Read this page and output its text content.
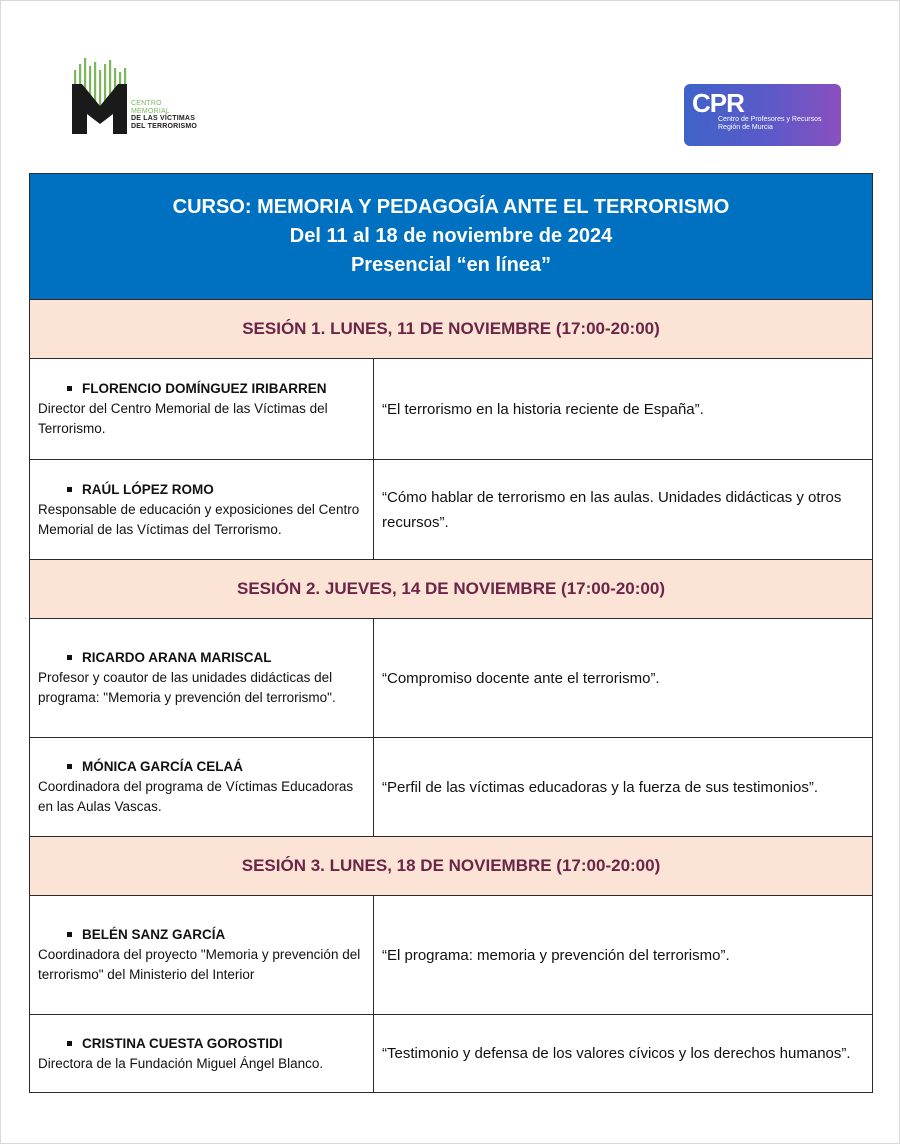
CENTRO
MEMORIAL
DE LAS VÍCTIMAS
DEL TERRORISMO
CPR
Centro de Profesores y Recursos
Región de Murcia
CURSO: MEMORIA Y PEDAGOGÍA ANTE EL TERRORISMO
Del 11 al 18 de noviembre de 2024
Presencial “en línea”	

SESIÓN 1. LUNES, 11 DE NOVIEMBRE (17:00-20:00)	

FLORENCIO DOMÍNGUEZ IRIBARREN
Director del Centro Memorial de las Víctimas del Terrorismo.	“El terrorismo en la historia reciente de España”.

RAÚL LÓPEZ ROMO
Responsable de educación y exposiciones del Centro Memorial de las Víctimas del Terrorismo.	“Cómo hablar de terrorismo en las aulas. Unidades didácticas y otros recursos”.
SESIÓN 2. JUEVES, 14 DE NOVIEMBRE (17:00-20:00)	

RICARDO ARANA MARISCAL
Profesor y coautor de las unidades didácticas del programa: "Memoria y prevención del terrorismo".	“Compromiso docente ante el terrorismo”.

MÓNICA GARCÍA CELAÁ
Coordinadora del programa de Víctimas Educadoras en las Aulas Vascas.	“Perfil de las víctimas educadoras y la fuerza de sus testimonios”.
SESIÓN 3. LUNES, 18 DE NOVIEMBRE (17:00-20:00)	

BELÉN SANZ GARCÍA
Coordinadora del proyecto "Memoria y prevención del terrorismo" del Ministerio del Interior	“El programa: memoria y prevención del terrorismo”.

CRISTINA CUESTA GOROSTIDI
Directora de la Fundación Miguel Ángel Blanco.	“Testimonio y defensa de los valores cívicos y los derechos humanos”.
